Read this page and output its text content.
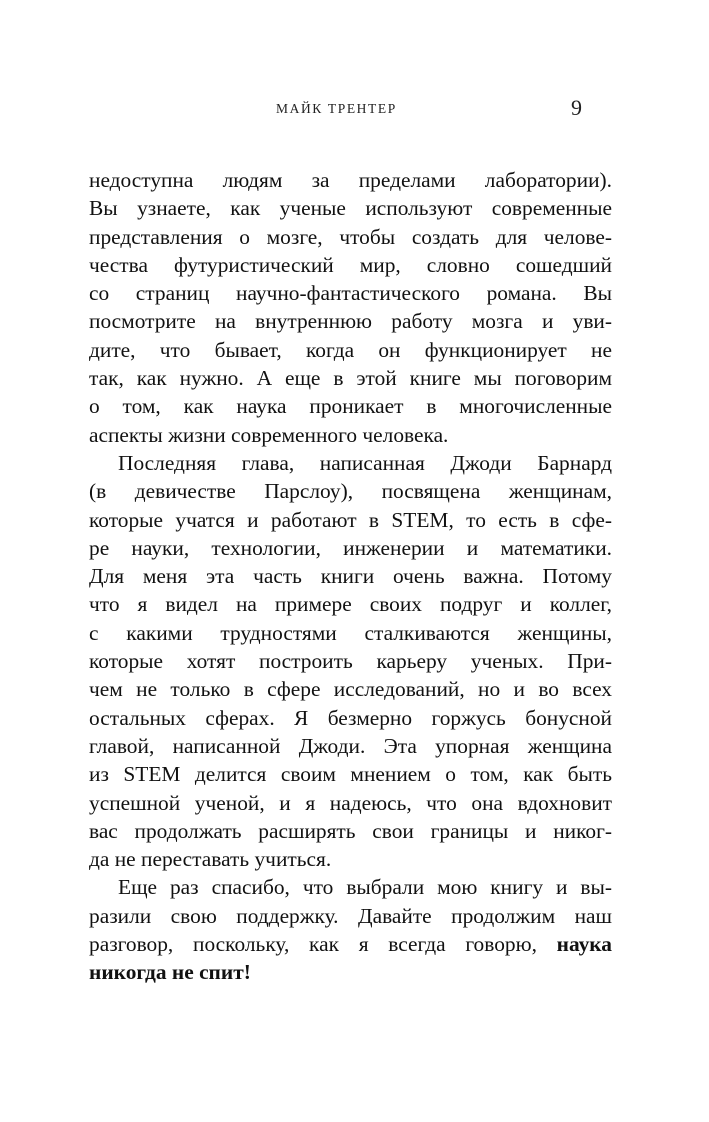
МАЙК ТРЕНТЕР	9
недоступна людям за пределами лаборатории).
Вы узнаете, как ученые используют современные
представления о мозге, чтобы создать для челове-
чества футуристический мир, словно сошедший
со страниц научно-фантастического романа. Вы
посмотрите на внутреннюю работу мозга и уви-
дите, что бывает, когда он функционирует не
так, как нужно. А еще в этой книге мы поговорим
о том, как наука проникает в многочисленные
аспекты жизни современного человека.
Последняя глава, написанная Джоди Барнард
(в девичестве Парслоу), посвящена женщинам,
которые учатся и работают в STEM, то есть в сфе-
ре науки, технологии, инженерии и математики.
Для меня эта часть книги очень важна. Потому
что я видел на примере своих подруг и коллег,
с какими трудностями сталкиваются женщины,
которые хотят построить карьеру ученых. При-
чем не только в сфере исследований, но и во всех
остальных сферах. Я безмерно горжусь бонусной
главой, написанной Джоди. Эта упорная женщина
из STEM делится своим мнением о том, как быть
успешной ученой, и я надеюсь, что она вдохновит
вас продолжать расширять свои границы и никог-
да не переставать учиться.
Еще раз спасибо, что выбрали мою книгу и вы-
разили свою поддержку. Давайте продолжим наш
разговор, поскольку, как я всегда говорю, наука
никогда не спит!
